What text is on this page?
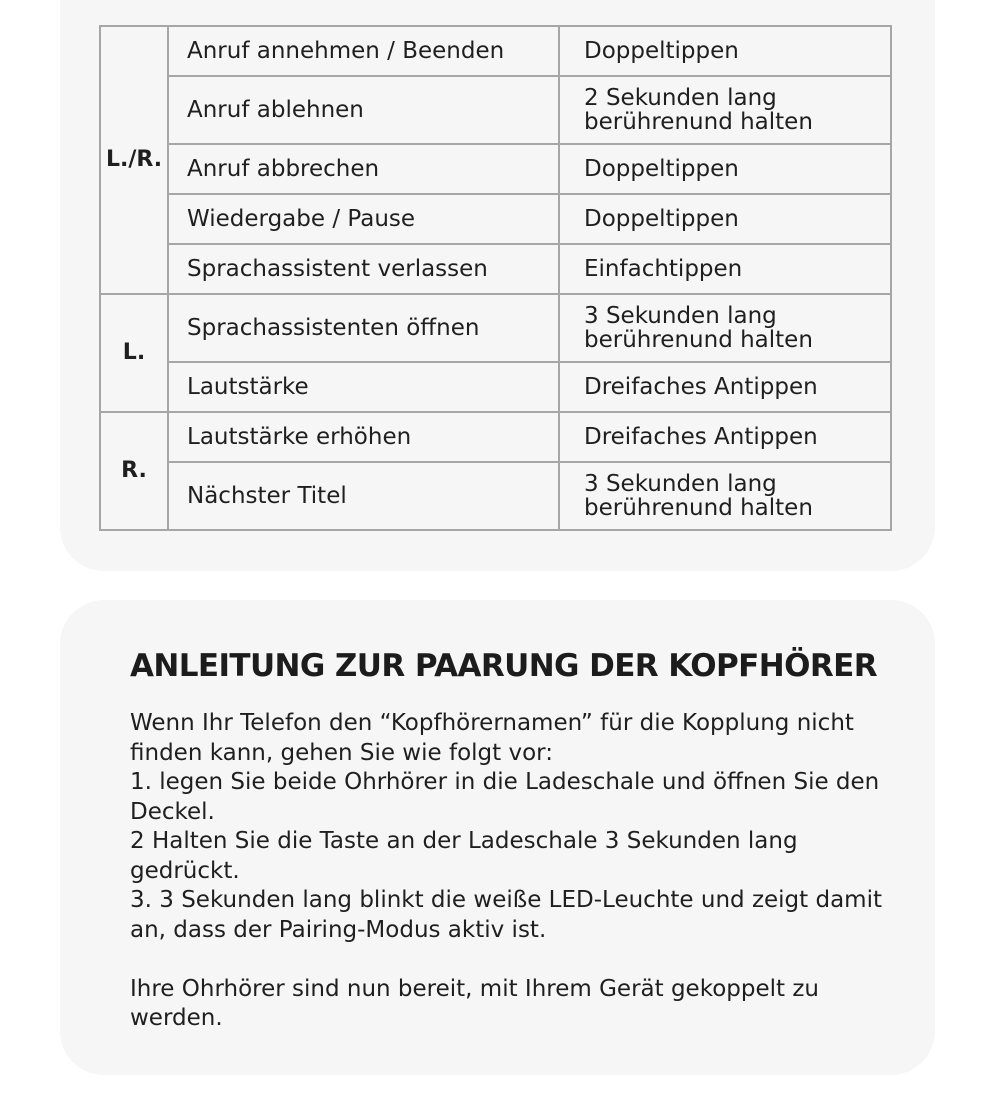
L./R.	Anruf annehmen / Beenden	Doppeltippen
	Anruf ablehnen	2 Sekunden lang
berührenund halten
	Anruf abbrechen	Doppeltippen
	Wiedergabe / Pause	Doppeltippen
	Sprachassistent verlassen	Einfachtippen
L.	Sprachassistenten öffnen	3 Sekunden lang
berührenund halten
	Lautstärke	Dreifaches Antippen
R.	Lautstärke erhöhen	Dreifaches Antippen
	Nächster Titel	3 Sekunden lang
berührenund halten
ANLEITUNG ZUR PAARUNG DER KOPFHÖRER

Wenn Ihr Telefon den “Kopfhörernamen” für die Kopplung nicht finden kann, gehen Sie wie folgt vor:

1. legen Sie beide Ohrhörer in die Ladeschale und öffnen Sie den Deckel.

2 Halten Sie die Taste an der Ladeschale 3 Sekunden lang gedrückt.

3. 3 Sekunden lang blinkt die weiße LED-Leuchte und zeigt damit an, dass der Pairing-Modus aktiv ist.

Ihre Ohrhörer sind nun bereit, mit Ihrem Gerät gekoppelt zu werden.
